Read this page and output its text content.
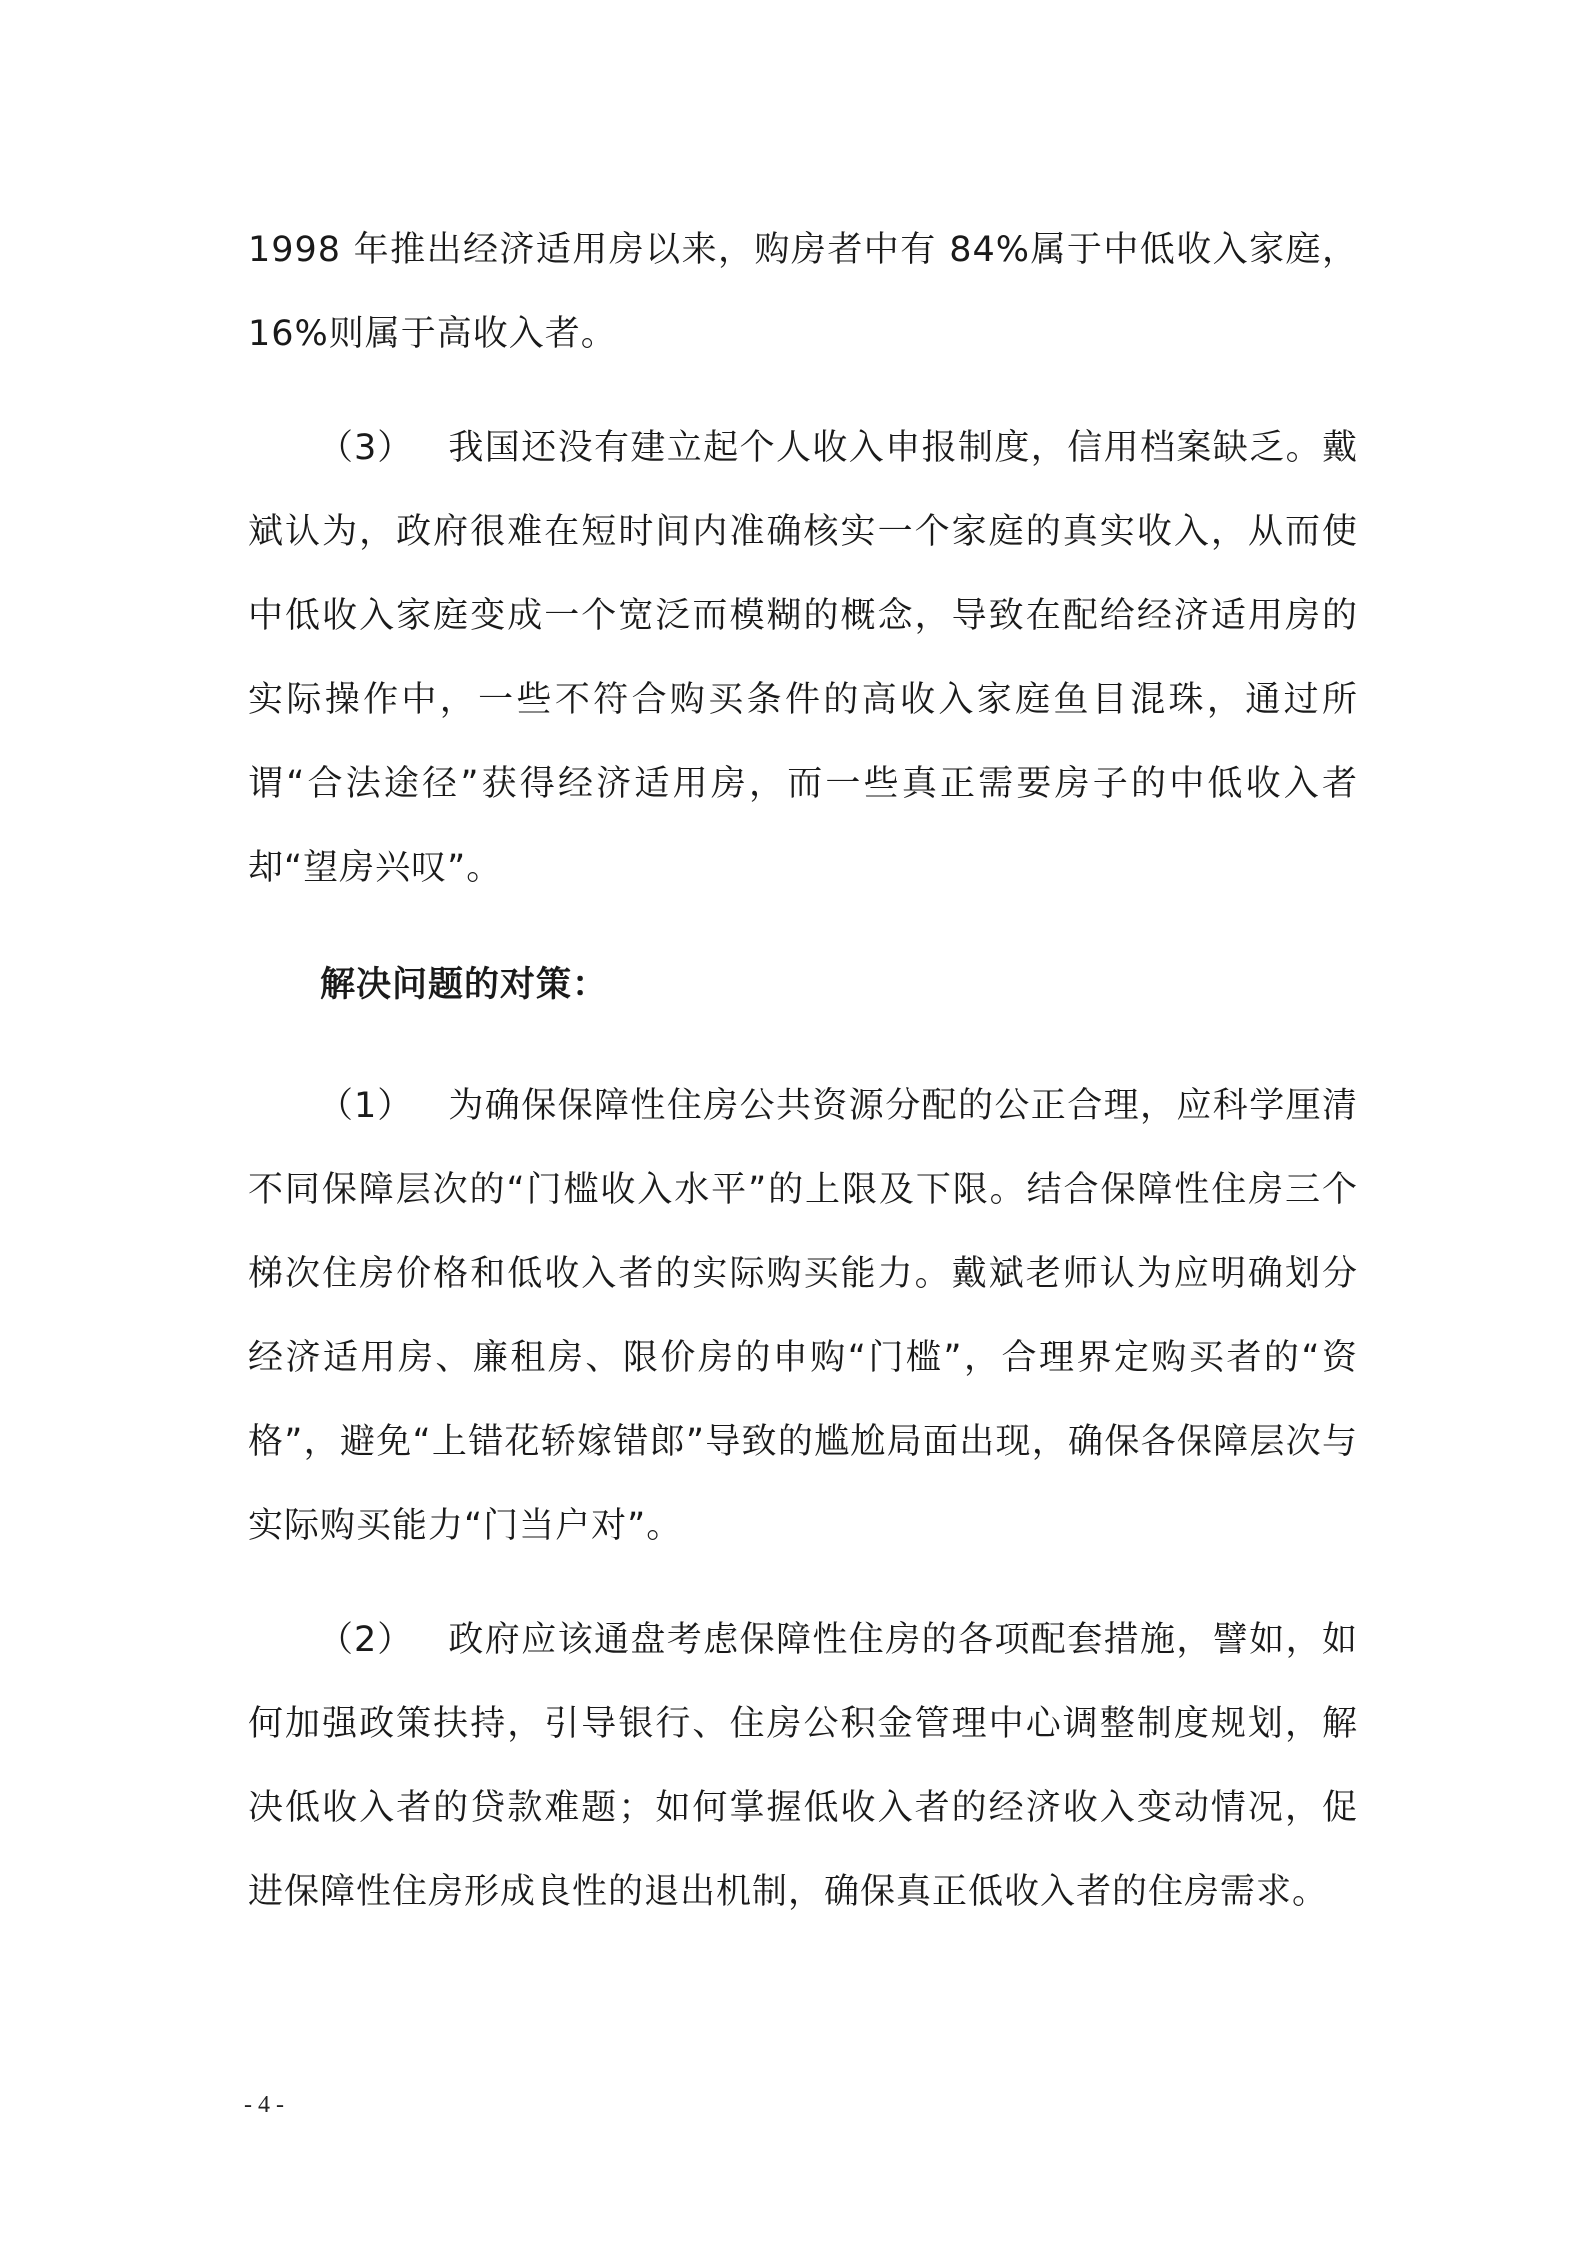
1998 年推出经济适用房以来，购房者中有 84%属于中低收入家庭，16%则属于高收入者。

（3） 我国还没有建立起个人收入申报制度，信用档案缺乏。戴斌认为，政府很难在短时间内准确核实一个家庭的真实收入，从而使中低收入家庭变成一个宽泛而模糊的概念，导致在配给经济适用房的实际操作中，一些不符合购买条件的高收入家庭鱼目混珠，通过所谓“合法途径”获得经济适用房，而一些真正需要房子的中低收入者却“望房兴叹”。

解决问题的对策：

（1） 为确保保障性住房公共资源分配的公正合理，应科学厘清不同保障层次的“门槛收入水平”的上限及下限。结合保障性住房三个梯次住房价格和低收入者的实际购买能力。戴斌老师认为应明确划分经济适用房、廉租房、限价房的申购“门槛”，合理界定购买者的“资格”，避免“上错花轿嫁错郎”导致的尴尬局面出现，确保各保障层次与实际购买能力“门当户对”。

（2） 政府应该通盘考虑保障性住房的各项配套措施，譬如，如何加强政策扶持，引导银行、住房公积金管理中心调整制度规划，解决低收入者的贷款难题；如何掌握低收入者的经济收入变动情况，促进保障性住房形成良性的退出机制，确保真正低收入者的住房需求。

- 4 -
